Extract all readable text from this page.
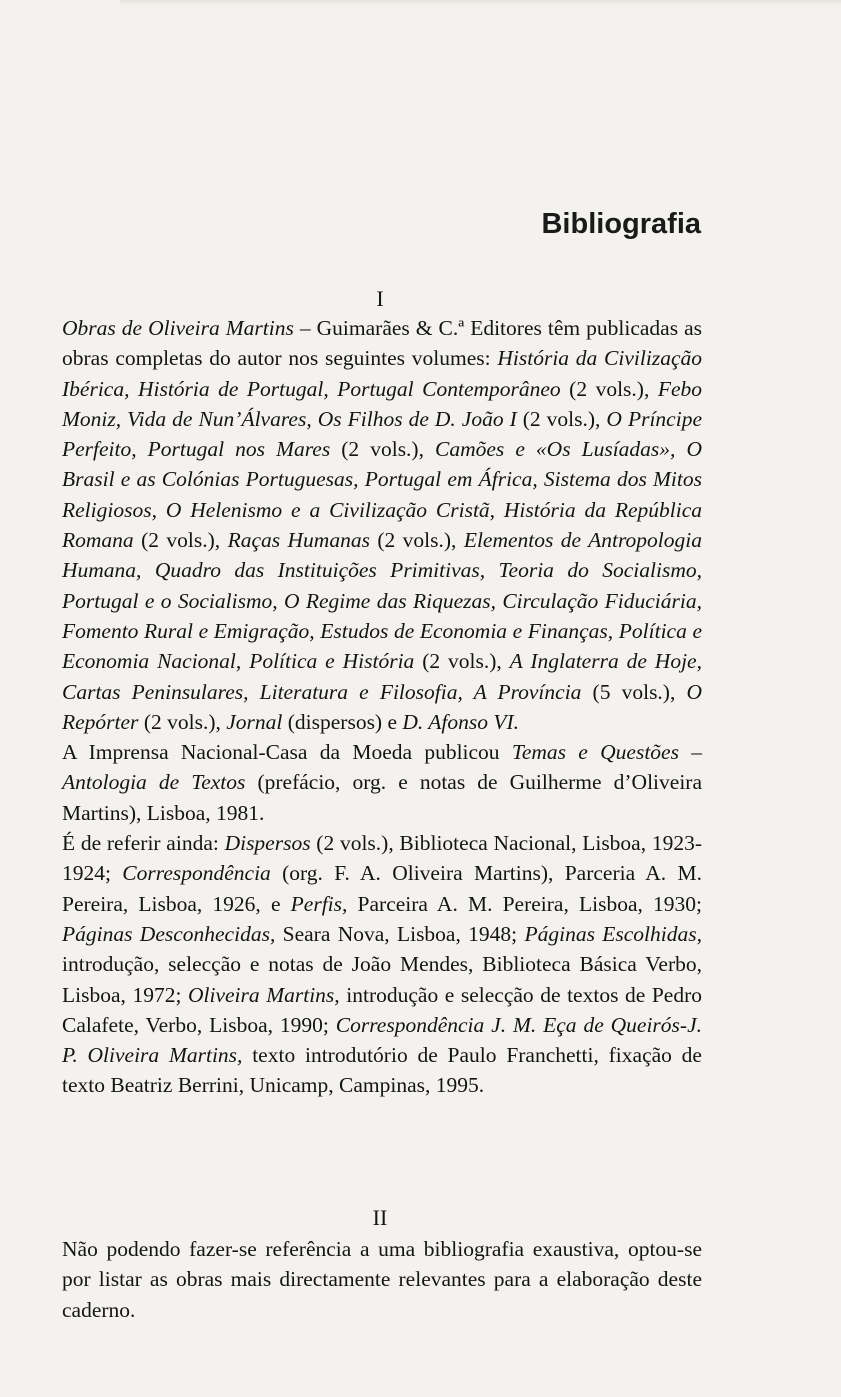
Bibliografia
I

Obras de Oliveira Martins – Guimarães & C.ª Editores têm publicadas as obras completas do autor nos seguintes volumes: História da Civilização Ibérica, História de Portugal, Portugal Contemporâneo (2 vols.), Febo Moniz, Vida de Nun’Álvares, Os Filhos de D. João I (2 vols.), O Príncipe Perfeito, Portugal nos Mares (2 vols.), Camões e «Os Lusíadas», O Brasil e as Colónias Portuguesas, Portugal em África, Sistema dos Mitos Religiosos, O Helenismo e a Civilização Cristã, História da República Romana (2 vols.), Raças Humanas (2 vols.), Elementos de Antropologia Humana, Quadro das Instituições Primitivas, Teoria do Socialismo, Portugal e o Socialismo, O Regime das Riquezas, Circulação Fiduciária, Fomento Rural e Emigração, Estudos de Economia e Finanças, Política e Economia Nacional, Política e História (2 vols.), A Inglaterra de Hoje, Cartas Peninsulares, Literatura e Filosofia, A Província (5 vols.), O Repórter (2 vols.), Jornal (dispersos) e D. Afonso VI.

A Imprensa Nacional-Casa da Moeda publicou Temas e Questões – Antologia de Textos (prefácio, org. e notas de Guilherme d’Oliveira Martins), Lisboa, 1981.

É de referir ainda: Dispersos (2 vols.), Biblioteca Nacional, Lisboa, 1923-1924; Correspondência (org. F. A. Oliveira Martins), Parceria A. M. Pereira, Lisboa, 1926, e Perfis, Parceira A. M. Pereira, Lisboa, 1930; Páginas Desconhecidas, Seara Nova, Lisboa, 1948; Páginas Escolhidas, introdução, selecção e notas de João Mendes, Biblioteca Básica Verbo, Lisboa, 1972; Oliveira Martins, introdução e selecção de textos de Pedro Calafete, Verbo, Lisboa, 1990; Correspondência J. M. Eça de Queirós-J. P. Oliveira Martins, texto introdutório de Paulo Franchetti, fixação de texto Beatriz Berrini, Unicamp, Campinas, 1995.

II

Não podendo fazer-se referência a uma bibliografia exaustiva, optou-se por listar as obras mais directamente relevantes para a elaboração deste caderno.
